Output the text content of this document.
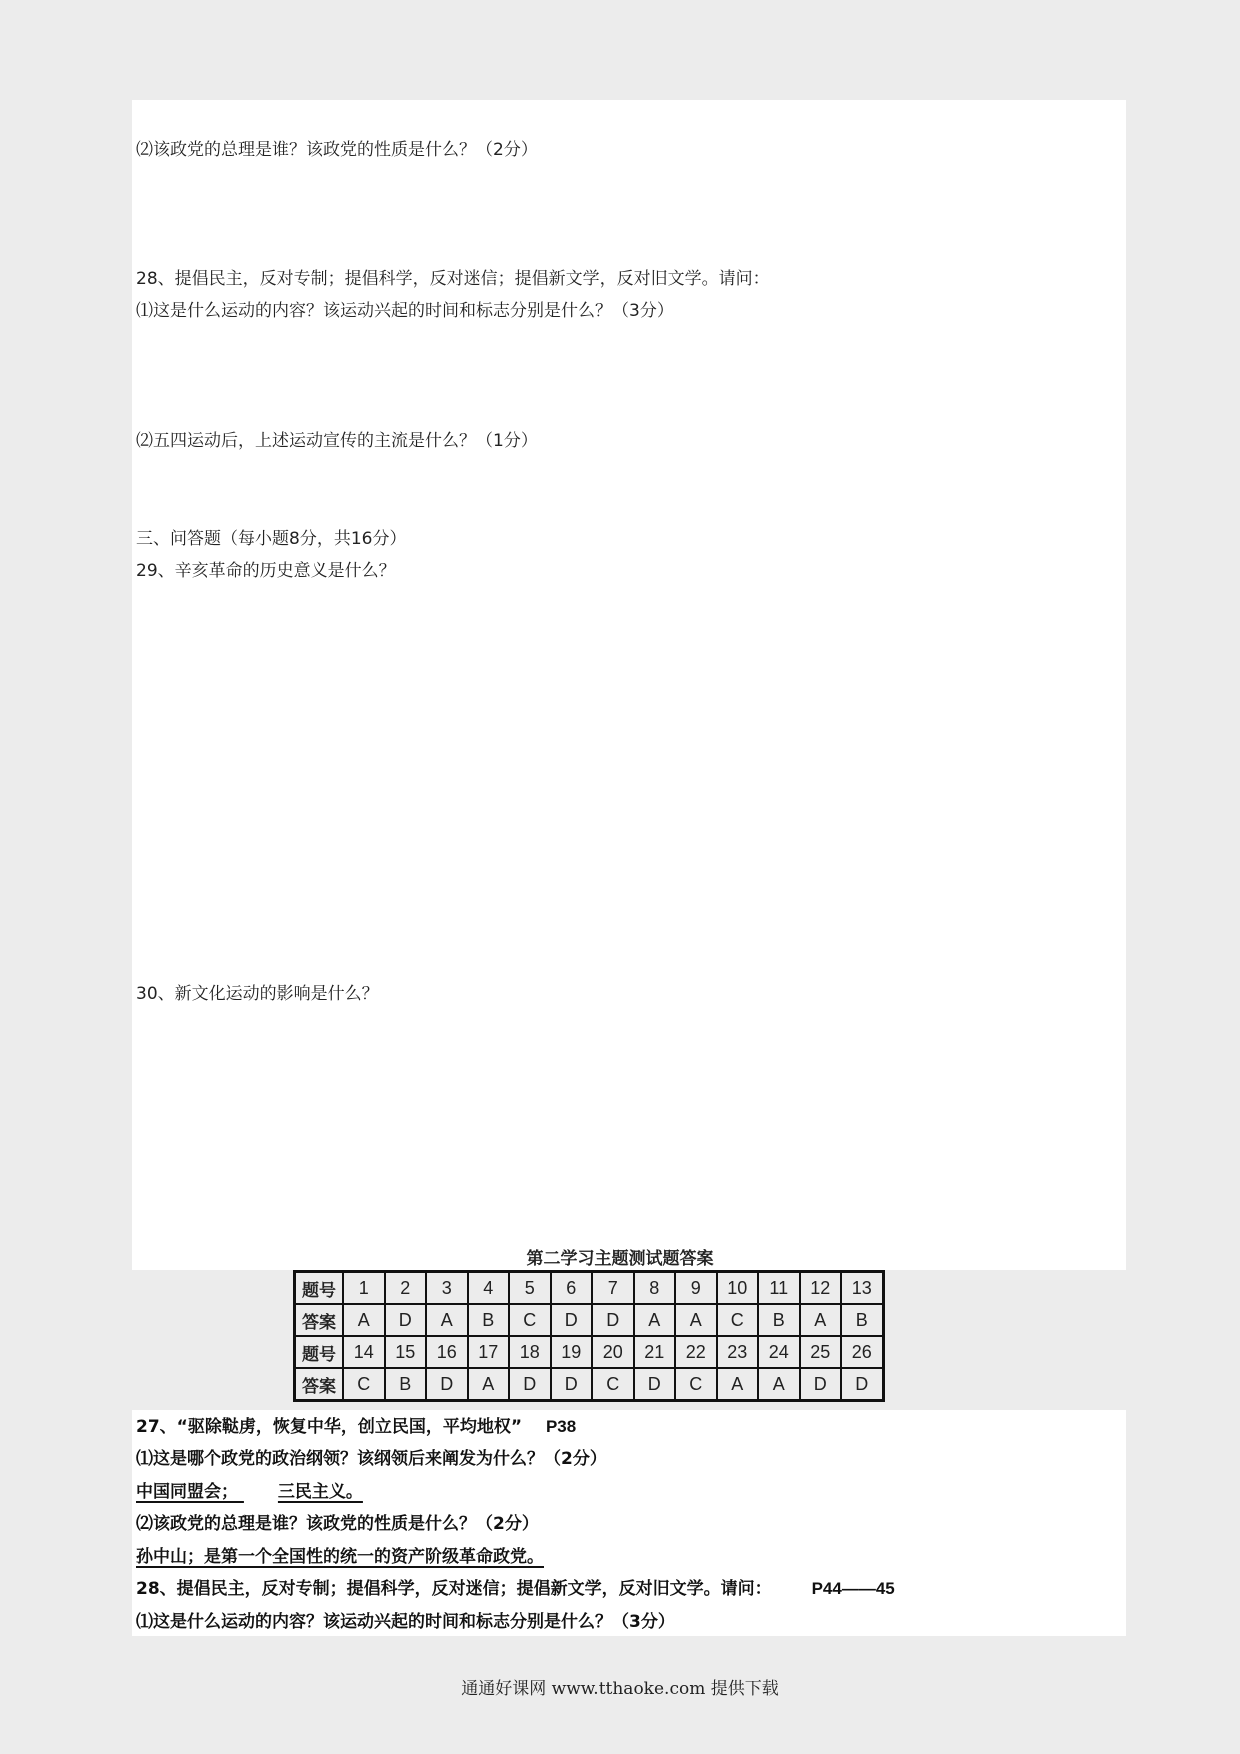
⑵该政党的总理是谁？该政党的性质是什么？（2分）
28、提倡民主，反对专制；提倡科学，反对迷信；提倡新文学，反对旧文学。请问：
⑴这是什么运动的内容？该运动兴起的时间和标志分别是什么？（3分）
⑵五四运动后，上述运动宣传的主流是什么？（1分）
三、问答题（每小题8分，共16分）
29、辛亥革命的历史意义是什么？
30、新文化运动的影响是什么？
第二学习主题测试题答案
题号	1	2	3	4	5	6	7	8	9	10	11	12	13
答案	A	D	A	B	C	D	D	A	A	C	B	A	B
题号	14	15	16	17	18	19	20	21	22	23	24	25	26
答案	C	B	D	A	D	D	C	D	C	A	A	D	D
27、“驱除鞑虏，恢复中华，创立民国，平均地权” P38
⑴这是哪个政党的政治纲领？该纲领后来阐发为什么？（2分）
中国同盟会； 三民主义。
⑵该政党的总理是谁？该政党的性质是什么？（2分）
孙中山；是第一个全国性的统一的资产阶级革命政党。
28、提倡民主，反对专制；提倡科学，反对迷信；提倡新文学，反对旧文学。请问： P44——45
⑴这是什么运动的内容？该运动兴起的时间和标志分别是什么？（3分）
通通好课网 www.tthaoke.com 提供下载
